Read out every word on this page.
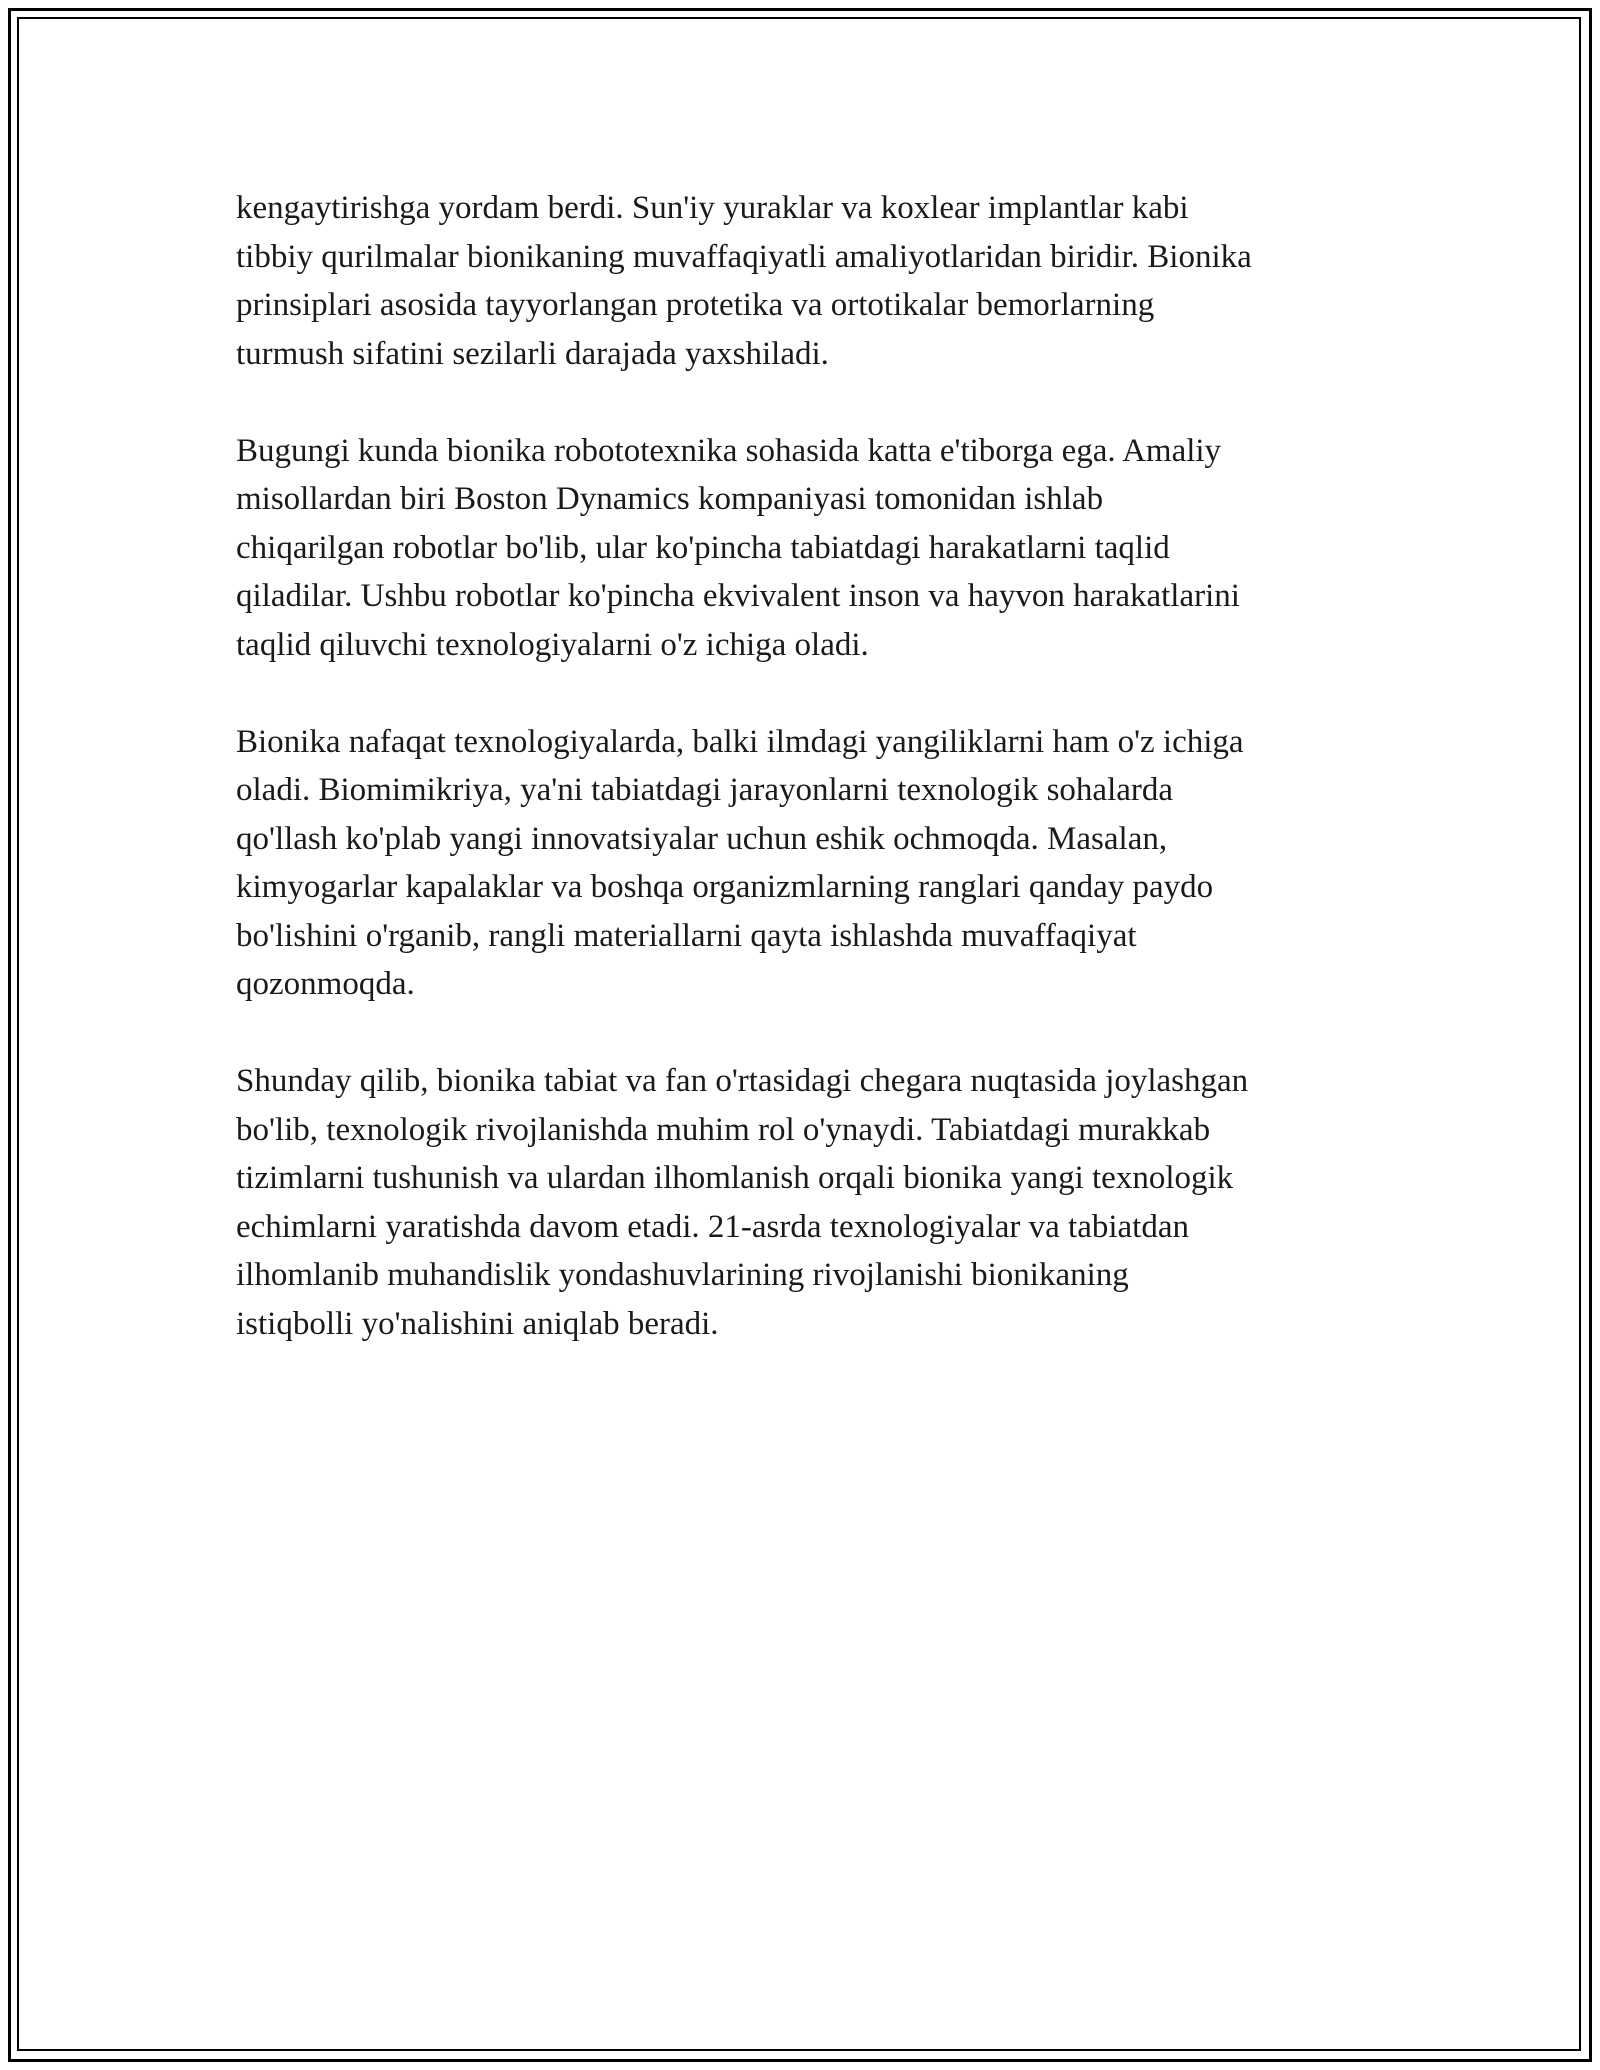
kengaytirishga yordam berdi. Sun'iy yuraklar va koxlear implantlar kabi
tibbiy qurilmalar bionikaning muvaffaqiyatli amaliyotlaridan biridir. Bionika
prinsiplari asosida tayyorlangan protetika va ortotikalar bemorlarning
turmush sifatini sezilarli darajada yaxshiladi.

Bugungi kunda bionika robototexnika sohasida katta e'tiborga ega. Amaliy
misollardan biri Boston Dynamics kompaniyasi tomonidan ishlab
chiqarilgan robotlar bo'lib, ular ko'pincha tabiatdagi harakatlarni taqlid
qiladilar. Ushbu robotlar ko'pincha ekvivalent inson va hayvon harakatlarini
taqlid qiluvchi texnologiyalarni o'z ichiga oladi.

Bionika nafaqat texnologiyalarda, balki ilmdagi yangiliklarni ham o'z ichiga
oladi. Biomimikriya, ya'ni tabiatdagi jarayonlarni texnologik sohalarda
qo'llash ko'plab yangi innovatsiyalar uchun eshik ochmoqda. Masalan,
kimyogarlar kapalaklar va boshqa organizmlarning ranglari qanday paydo
bo'lishini o'rganib, rangli materiallarni qayta ishlashda muvaffaqiyat
qozonmoqda.

Shunday qilib, bionika tabiat va fan o'rtasidagi chegara nuqtasida joylashgan
bo'lib, texnologik rivojlanishda muhim rol o'ynaydi. Tabiatdagi murakkab
tizimlarni tushunish va ulardan ilhomlanish orqali bionika yangi texnologik
echimlarni yaratishda davom etadi. 21-asrda texnologiyalar va tabiatdan
ilhomlanib muhandislik yondashuvlarining rivojlanishi bionikaning
istiqbolli yo'nalishini aniqlab beradi.
